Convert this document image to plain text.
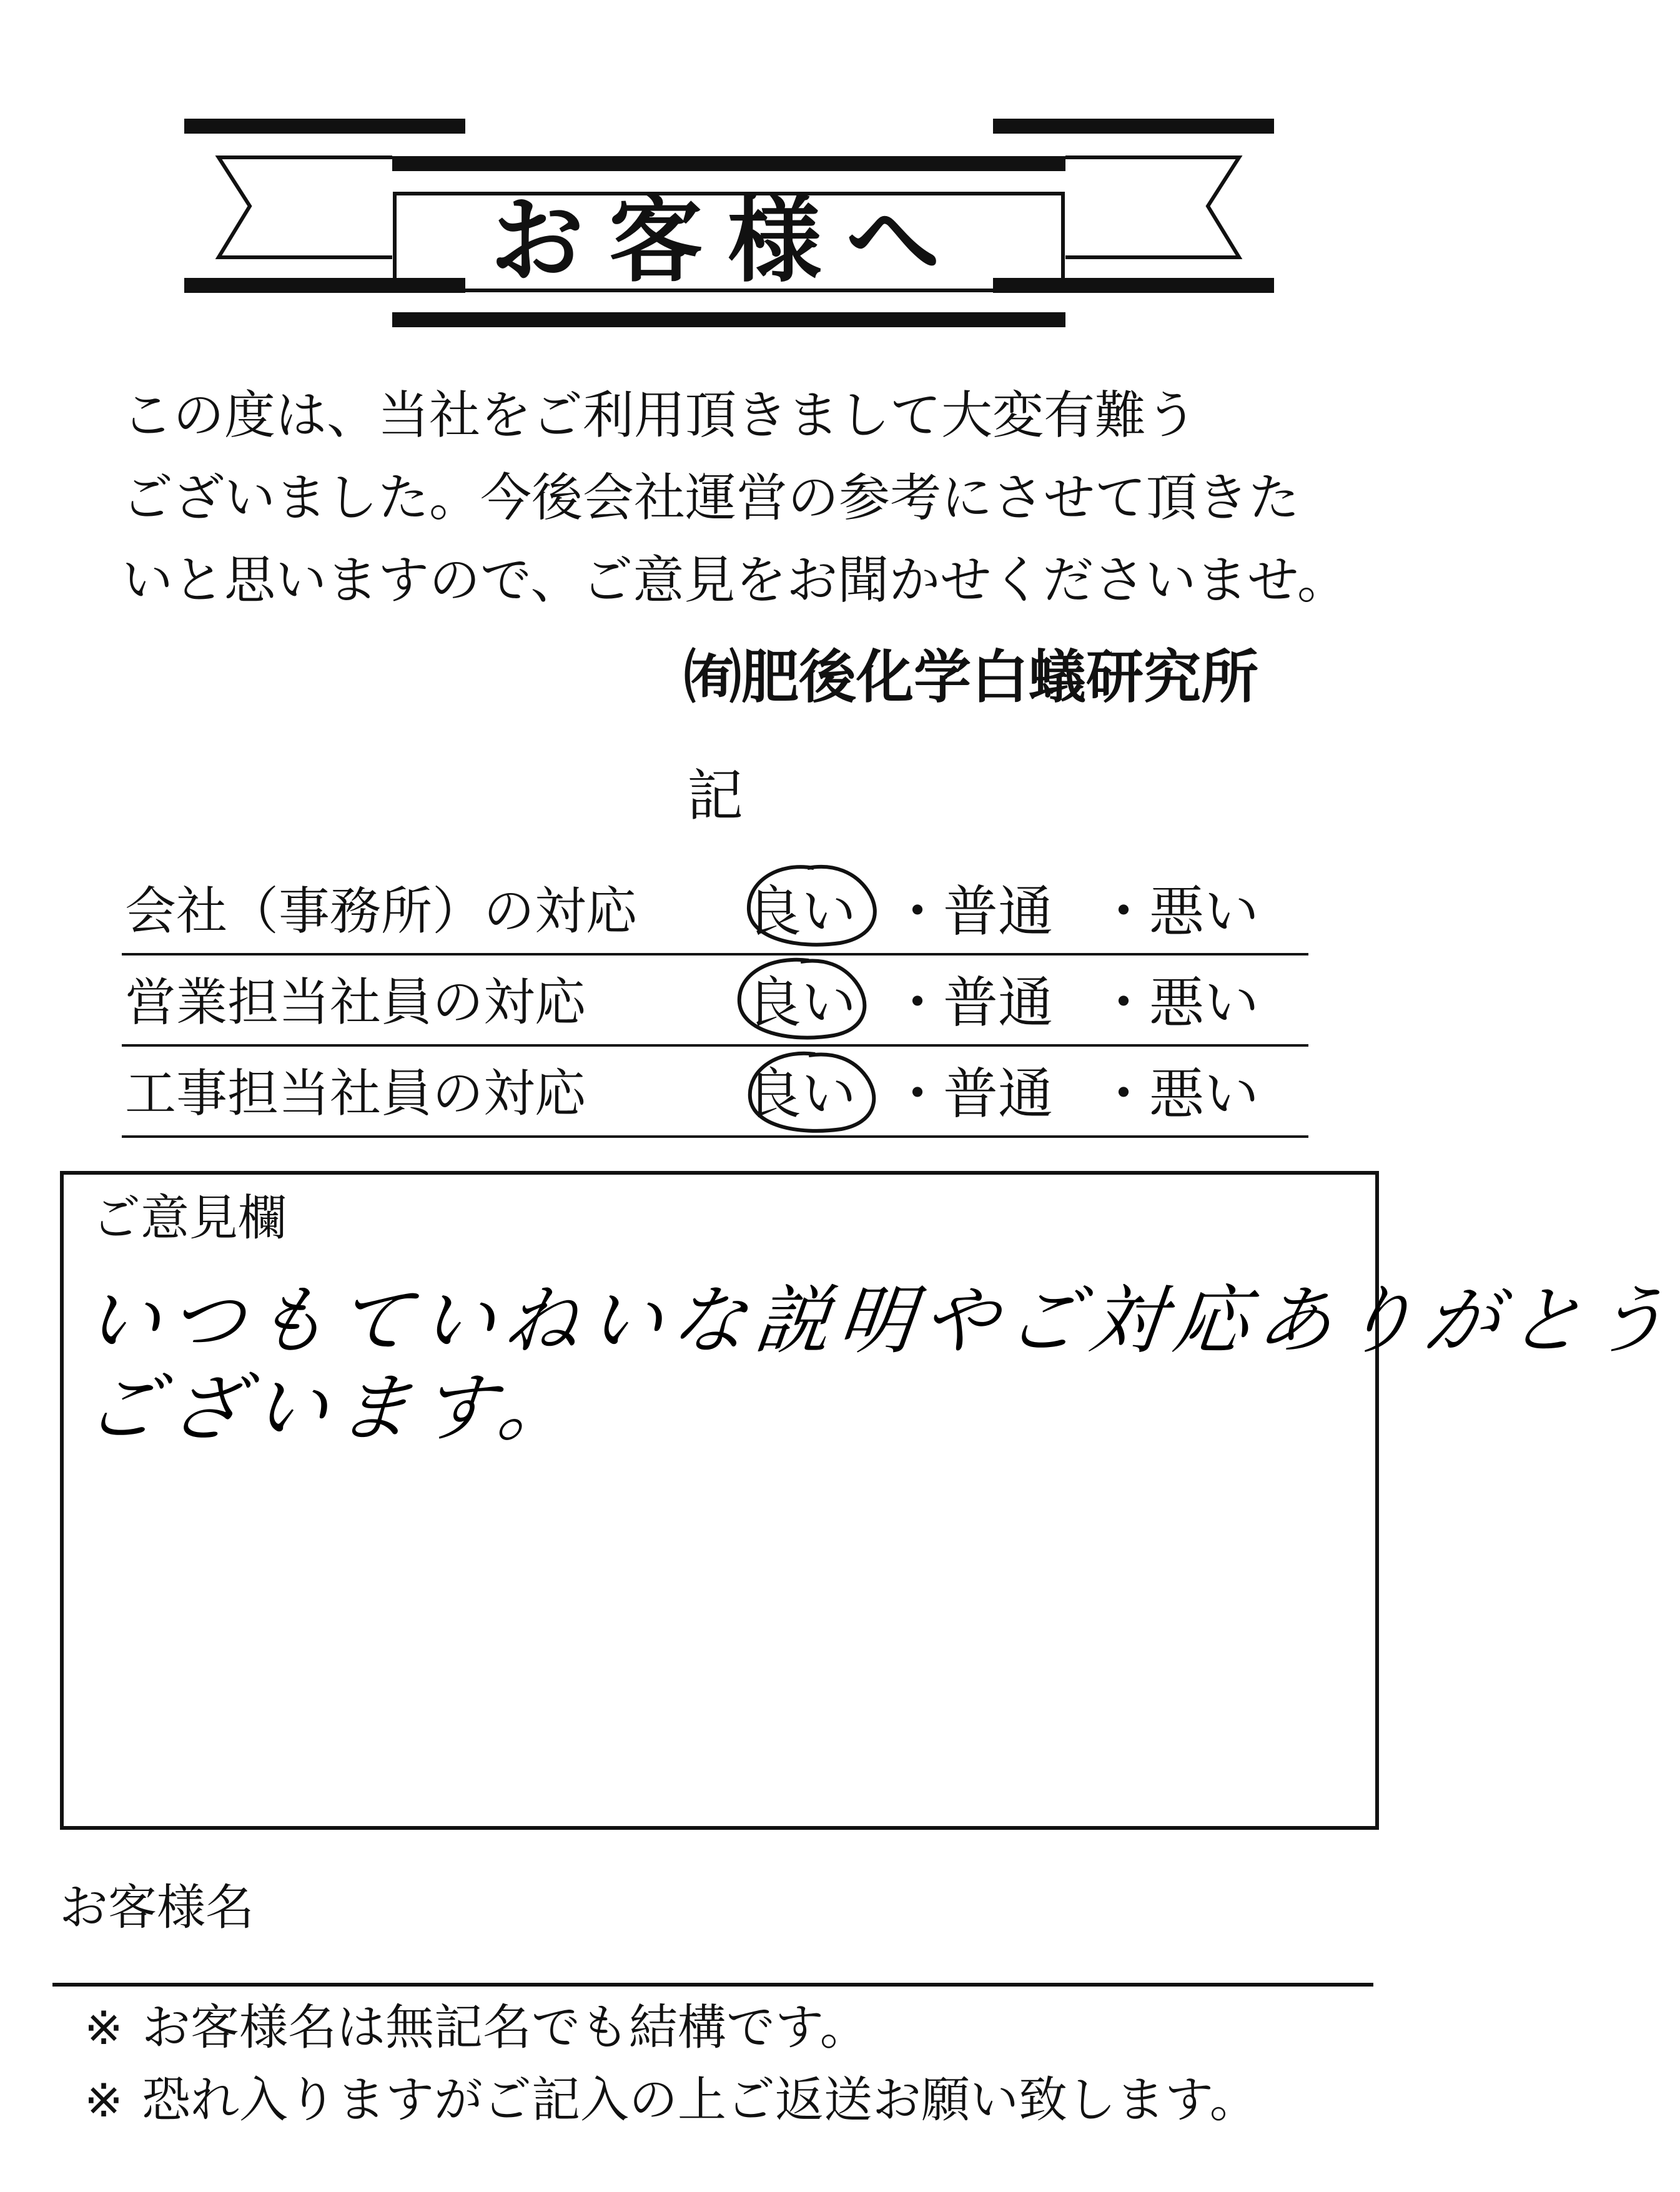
お客様へ
この度は、当社をご利用頂きまして大変有難う
ございました。今後会社運営の参考にさせて頂きた
いと思いますので、ご意見をお聞かせくださいませ。
㈲肥後化学白蟻研究所
記
会社（事務所）の対応 良い ・
普通 ・
悪い
営業担当社員の対応	良い ・
普通 ・
悪い
工事担当社員の対応	良い ・
普通 ・
悪い
ご意見欄
いつもていねいな説明やご対応ありがとう
ございます。
お客様名
※ お客様名は無記名でも結構です。
※ 恐れ入りますがご記入の上ご返送お願い致します。
